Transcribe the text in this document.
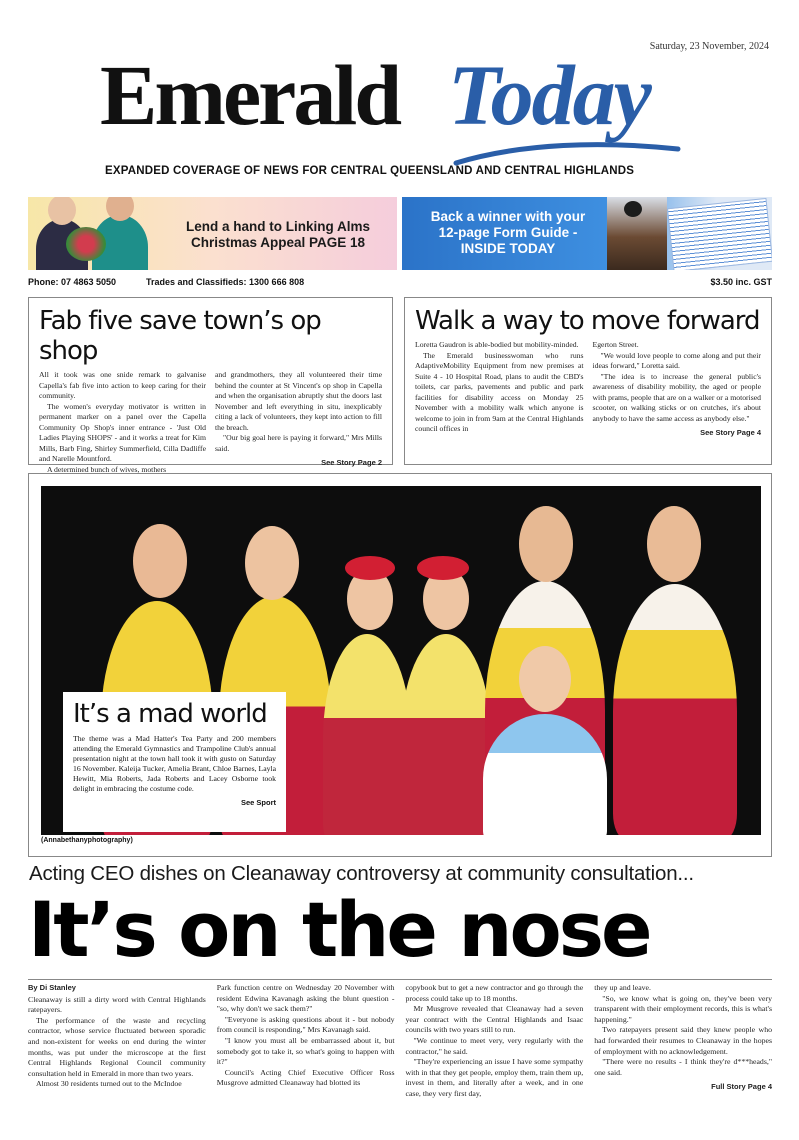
Saturday, 23 November, 2024
Emerald Today
EXPANDED COVERAGE OF NEWS FOR CENTRAL QUEENSLAND AND CENTRAL HIGHLANDS
Lend a hand to Linking Alms
Christmas Appeal PAGE 18
Back a winner with your
12-page Form Guide -
INSIDE TODAY
Phone: 07 4863 5050	Trades and Classifieds: 1300 666 808	$3.50 inc. GST
Fab five save town’s op shop

All it took was one snide remark to galvanise Capella's fab five into action to keep caring for their community.

The women's everyday motivator is written in permanent marker on a panel over the Capella Community Op Shop's inner entrance - 'Just Old Ladies Playing SHOPS' - and it works a treat for Kim Mills, Barb Fing, Shirley Summerfield, Cilla Dadliffe and Narelle Mountford.

A determined bunch of wives, mothers

and grandmothers, they all volunteered their time behind the counter at St Vincent's op shop in Capella and when the organisation abruptly shut the doors last November and left everything in situ, inexplicably citing a lack of volunteers, they kept into action to fill the breach.

"Our big goal here is paying it forward," Mrs Mills said.

See Story Page 2
Walk a way to move forward

Loretta Gaudron is able-bodied but mobility-minded.

The Emerald businesswoman who runs AdaptiveMobility Equipment from new premises at Suite 4 - 10 Hospital Road, plans to audit the CBD's toilets, car parks, pavements and public and park facilities for disability access on Monday 25 November with a mobility walk which anyone is welcome to join in from 9am at the Central Highlands council offices in

Egerton Street.

"We would love people to come along and put their ideas forward," Loretta said.

"The idea is to increase the general public's awareness of disability mobility, the aged or people with prams, people that are on a walker or a motorised scooter, on walking sticks or on crutches, it's about anybody to have the same access as anybody else."

See Story Page 4
It’s a mad world

The theme was a Mad Hatter's Tea Party and 200 members attending the Emerald Gymnastics and Trampoline Club's annual presentation night at the town hall took it with gusto on Saturday 16 November. Kaleija Tucker, Amelia Brant, Chloe Barnes, Layla Hewitt, Mia Roberts, Jada Roberts and Lacey Osborne took delight in embracing the costume code.

See Sport
(Annabethanyphotography)
Acting CEO dishes on Cleanaway controversy at community consultation...
It’s on the nose
By Di Stanley

Cleanaway is still a dirty word with Central Highlands ratepayers.

The performance of the waste and recycling contractor, whose service fluctuated between sporadic and non-existent for weeks on end during the winter months, was put under the microscope at the first Central Highlands Regional Council community consultation held in Emerald in more than two years.

Almost 30 residents turned out to the McIndoe

Park function centre on Wednesday 20 November with resident Edwina Kavanagh asking the blunt question - "so, why don't we sack them?"

"Everyone is asking questions about it - but nobody from council is responding," Mrs Kavanagh said.

"I know you must all be embarrassed about it, but somebody got to take it, so what's going to happen with it?"

Council's Acting Chief Executive Officer Ross Musgrove admitted Cleanaway had blotted its

copybook but to get a new contractor and go through the process could take up to 18 months.

Mr Musgrove revealed that Cleanaway had a seven year contract with the Central Highlands and Isaac councils with two years still to run.

"We continue to meet very, very regularly with the contractor," he said.

"They're experiencing an issue I have some sympathy with in that they get people, employ them, train them up, invest in them, and literally after a week, and in one case, they very first day,

they up and leave.

"So, we know what is going on, they've been very transparent with their employment records, this is what's happening."

Two ratepayers present said they knew people who had forwarded their resumes to Cleanaway in the hopes of employment with no acknowledgement.

"There were no results - I think they're d***heads," one said.

Full Story Page 4
